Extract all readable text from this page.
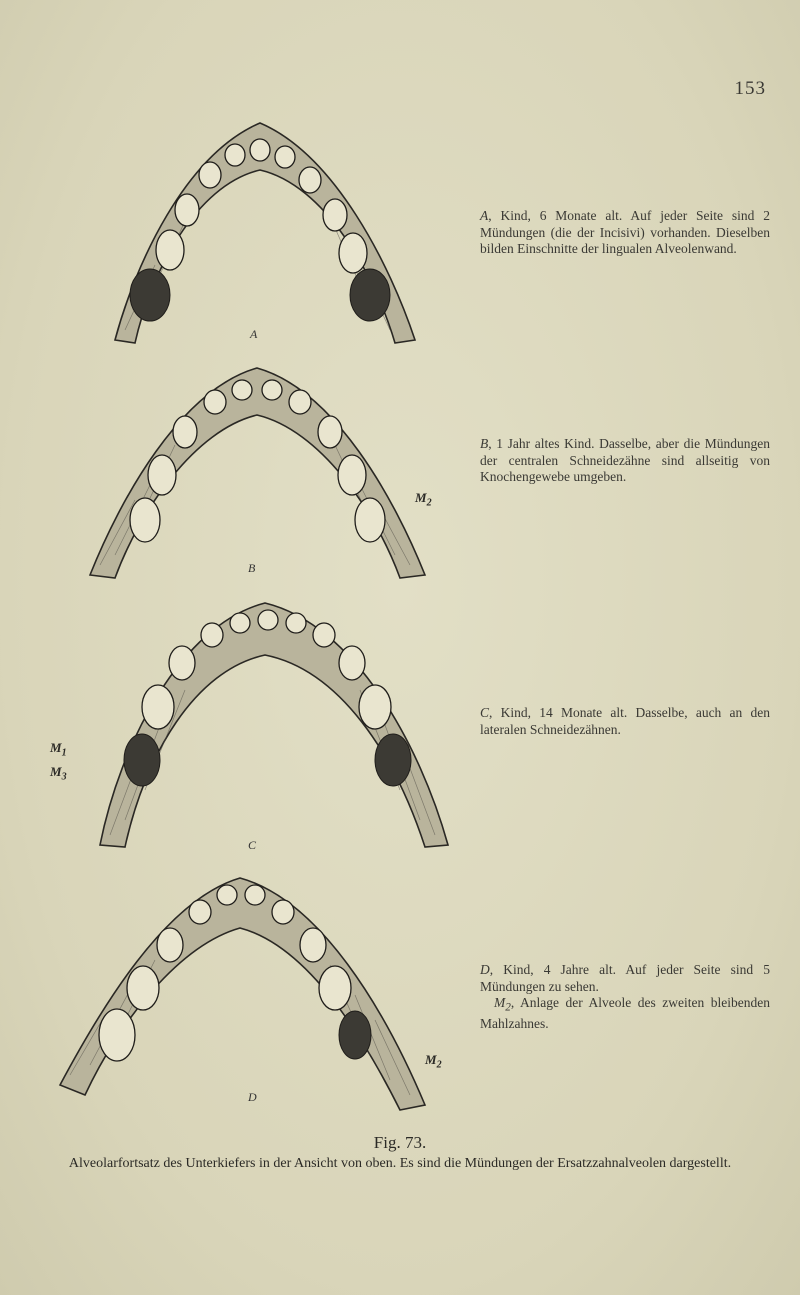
153
A

A, Kind, 6 Monate alt. Auf jeder Seite sind 2 Mündungen (die der Incisivi) vorhanden. Dieselben bilden Einschnitte der lingualen Alveolenwand.

B
$M_2$

B, 1 Jahr altes Kind. Dasselbe, aber die Mündungen der centralen Schneidezähne sind allseitig von Knochengewebe umgeben.

C
$M_1$
$M_3$

C, Kind, 14 Monate alt. Dasselbe, auch an den lateralen Schneidezähnen.

D
$M_2$

D, Kind, 4 Jahre alt. Auf jeder Seite sind 5 Mündungen zu sehen.
$M_2$, Anlage der Alveole des zweiten bleibenden Mahlzahnes.

Fig. 73.
Alveolarfortsatz des Unterkiefers in der Ansicht von oben. Es sind die Mündungen der Ersatzzahnalveolen dargestellt.
